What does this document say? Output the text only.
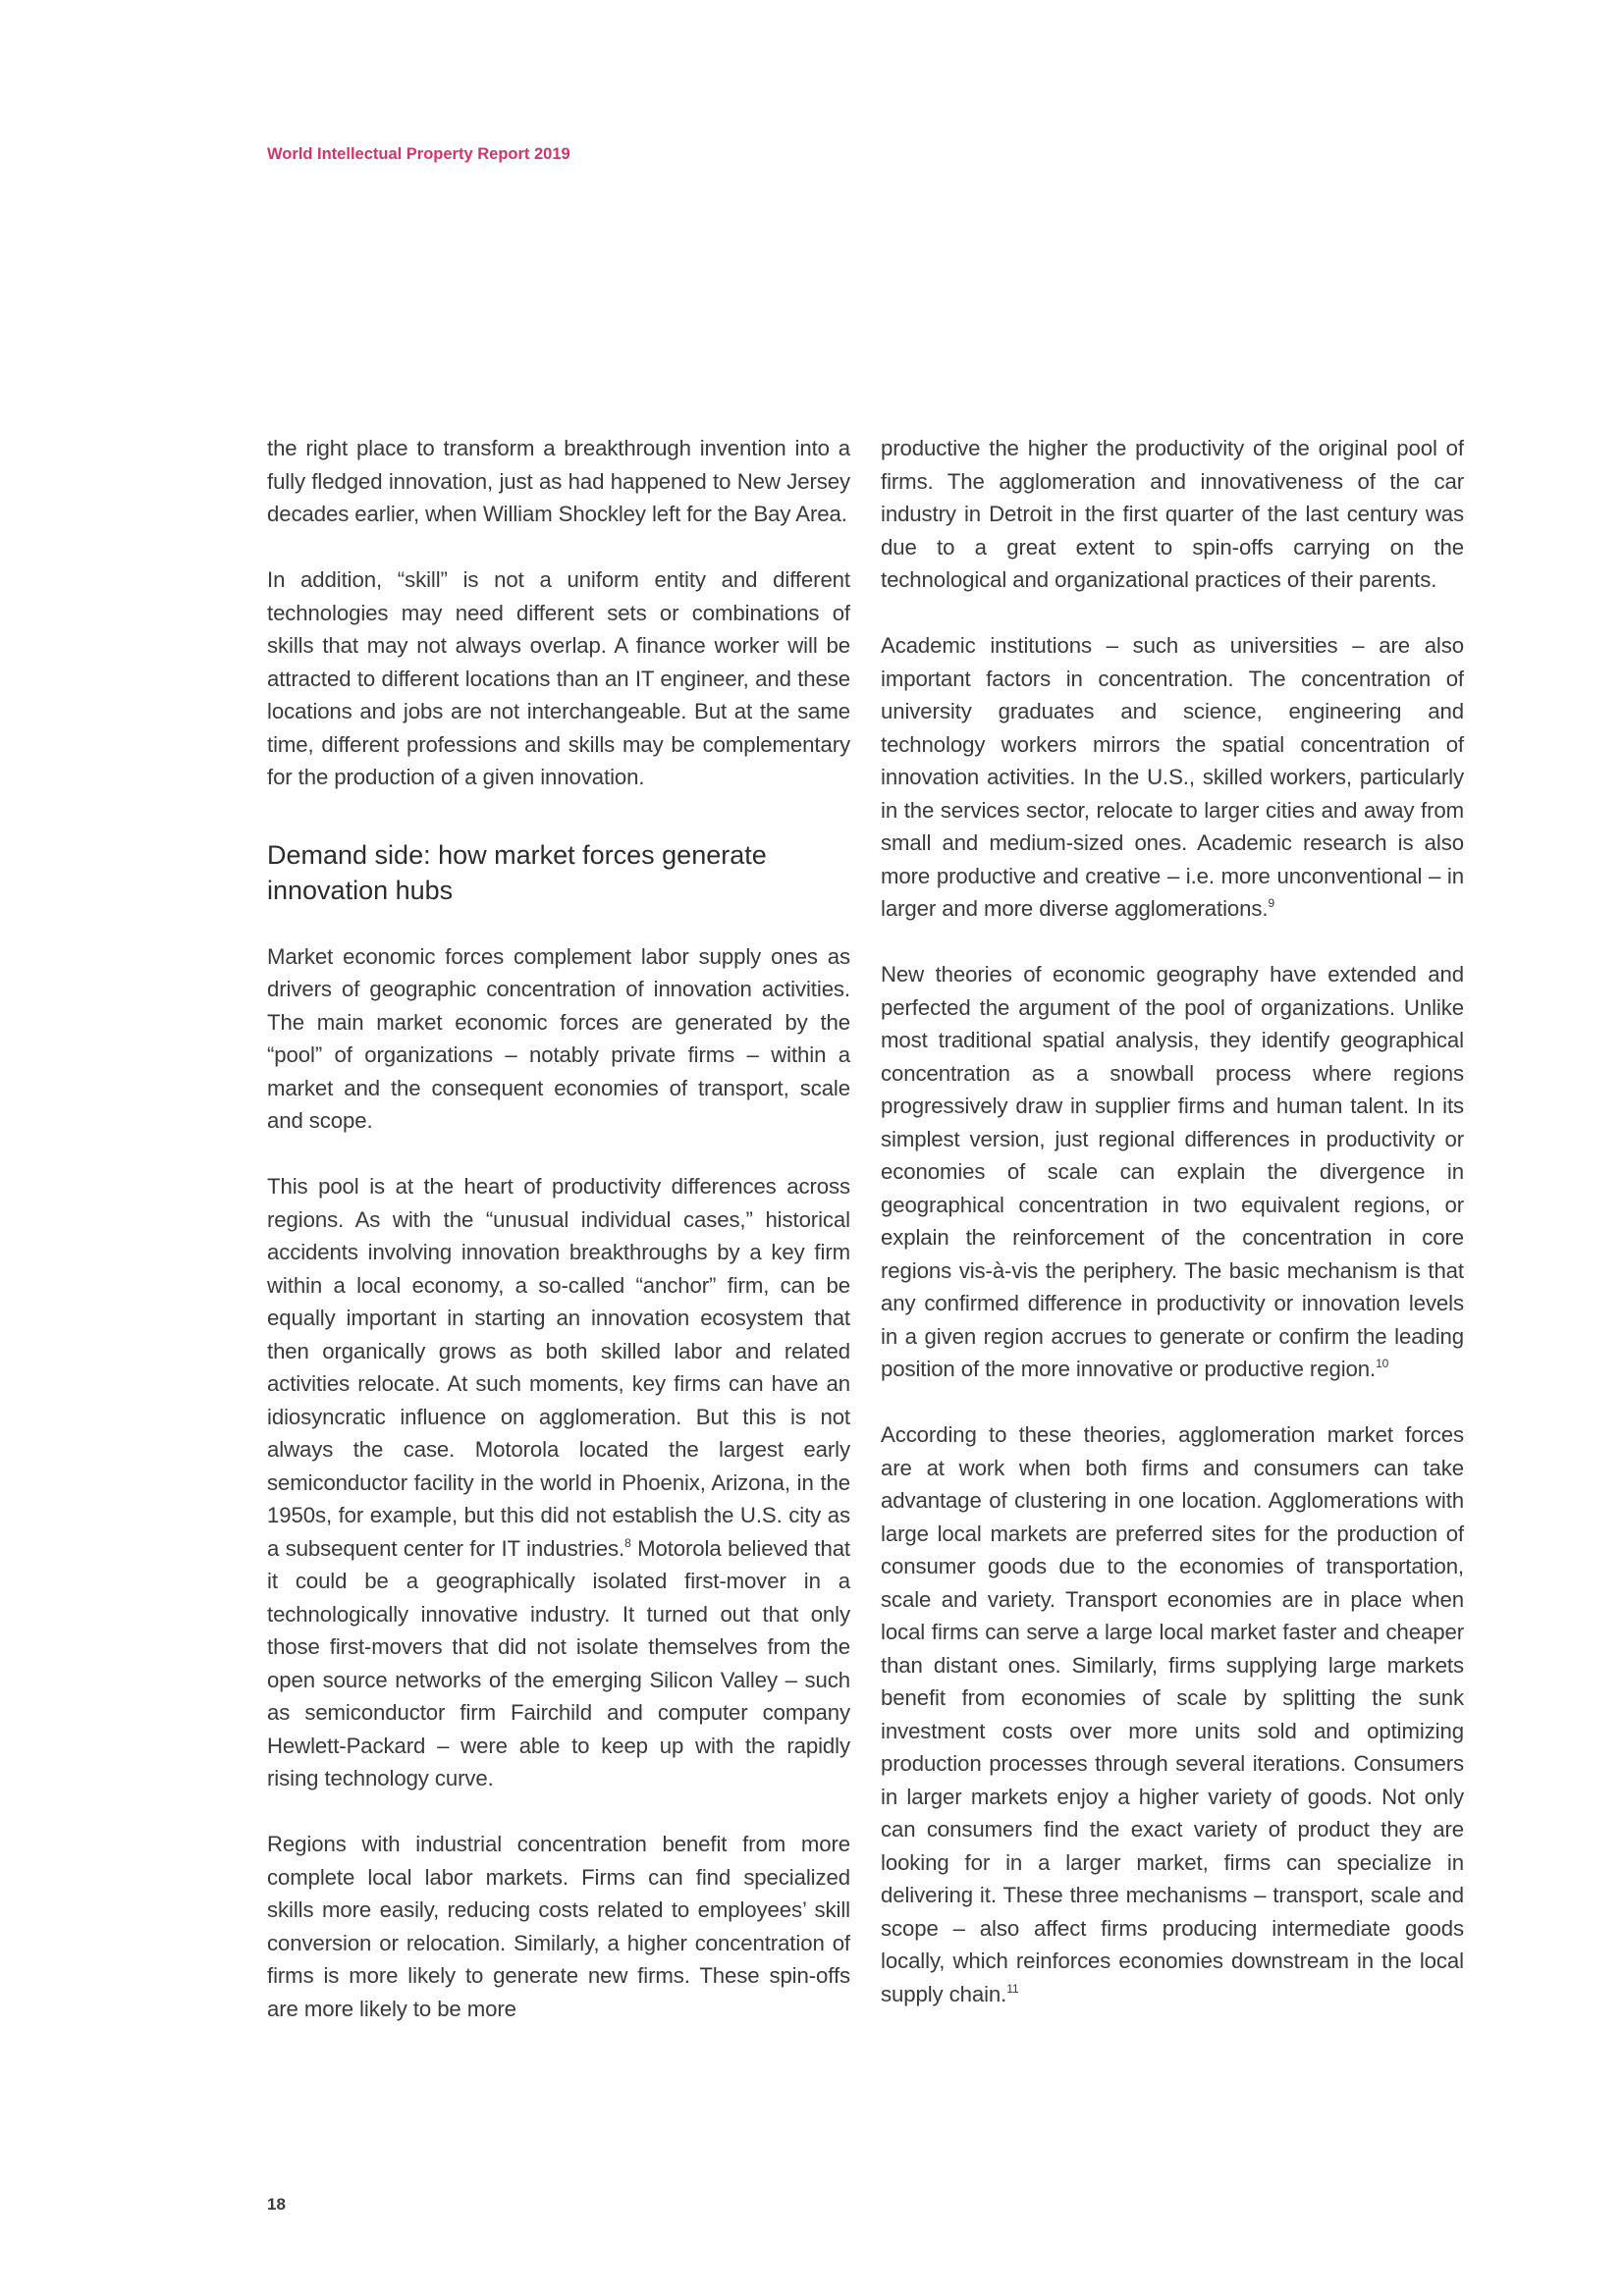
World Intellectual Property Report 2019

the right place to transform a breakthrough invention into a fully fledged innovation, just as had happened to New Jersey decades earlier, when William Shockley left for the Bay Area.

In addition, “skill” is not a uniform entity and different technologies may need different sets or combinations of skills that may not always overlap. A finance worker will be attracted to different locations than an IT engineer, and these locations and jobs are not interchangeable. But at the same time, different professions and skills may be complementary for the production of a given innovation.

Demand side: how market forces generate innovation hubs

Market economic forces complement labor supply ones as drivers of geographic concentration of innovation activities. The main market economic forces are generated by the “pool” of organizations – notably private firms – within a market and the consequent economies of transport, scale and scope.

This pool is at the heart of productivity differences across regions. As with the “unusual individual cases,” historical accidents involving innovation breakthroughs by a key firm within a local economy, a so-called “anchor” firm, can be equally important in starting an innovation ecosystem that then organically grows as both skilled labor and related activities relocate. At such moments, key firms can have an idiosyncratic influence on agglomeration. But this is not always the case. Motorola located the largest early semiconductor facility in the world in Phoenix, Arizona, in the 1950s, for example, but this did not establish the U.S. city as a subsequent center for IT industries.$^8$ Motorola believed that it could be a geographically isolated first-mover in a technologically innovative industry. It turned out that only those first-movers that did not isolate themselves from the open source networks of the emerging Silicon Valley – such as semiconductor firm Fairchild and computer company Hewlett-Packard – were able to keep up with the rapidly rising technology curve.

Regions with industrial concentration benefit from more complete local labor markets. Firms can find specialized skills more easily, reducing costs related to employees’ skill conversion or relocation. Similarly, a higher concentration of firms is more likely to generate new firms. These spin-offs are more likely to be more

productive the higher the productivity of the original pool of firms. The agglomeration and innovativeness of the car industry in Detroit in the first quarter of the last century was due to a great extent to spin-offs carrying on the technological and organizational practices of their parents.

Academic institutions – such as universities – are also important factors in concentration. The concentration of university graduates and science, engineering and technology workers mirrors the spatial concentration of innovation activities. In the U.S., skilled workers, particularly in the services sector, relocate to larger cities and away from small and medium-sized ones. Academic research is also more productive and creative – i.e. more unconventional – in larger and more diverse agglomerations.$^9$

New theories of economic geography have extended and perfected the argument of the pool of organizations. Unlike most traditional spatial analysis, they identify geographical concentration as a snowball process where regions progressively draw in supplier firms and human talent. In its simplest version, just regional differences in productivity or economies of scale can explain the divergence in geographical concentration in two equivalent regions, or explain the reinforcement of the concentration in core regions vis-à-vis the periphery. The basic mechanism is that any confirmed difference in productivity or innovation levels in a given region accrues to generate or confirm the leading position of the more innovative or productive region.$^{10}$

According to these theories, agglomeration market forces are at work when both firms and consumers can take advantage of clustering in one location. Agglomerations with large local markets are preferred sites for the production of consumer goods due to the economies of transportation, scale and variety. Transport economies are in place when local firms can serve a large local market faster and cheaper than distant ones. Similarly, firms supplying large markets benefit from economies of scale by splitting the sunk investment costs over more units sold and optimizing production processes through several iterations. Consumers in larger markets enjoy a higher variety of goods. Not only can consumers find the exact variety of product they are looking for in a larger market, firms can specialize in delivering it. These three mechanisms – transport, scale and scope – also affect firms producing intermediate goods locally, which reinforces economies downstream in the local supply chain.$^{11}$

18
